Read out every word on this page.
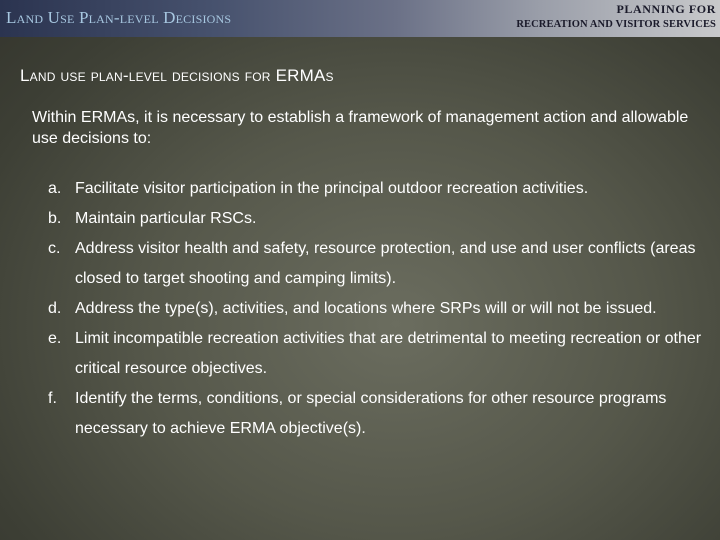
Land Use Plan-level Decisions	PLANNING FOR
RECREATION AND VISITOR SERVICES
Land use plan-level decisions for ERMAs

Within ERMAs, it is necessary to establish a framework of management action and allowable use decisions to:

a. Facilitate visitor participation in the principal outdoor recreation activities.
b. Maintain particular RSCs.
c. Address visitor health and safety, resource protection, and use and user conflicts (areas closed to target shooting and camping limits).
d. Address the type(s), activities, and locations where SRPs will or will not be issued.
e. Limit incompatible recreation activities that are detrimental to meeting recreation or other critical resource objectives.
f. Identify the terms, conditions, or special considerations for other resource programs necessary to achieve ERMA objective(s).
